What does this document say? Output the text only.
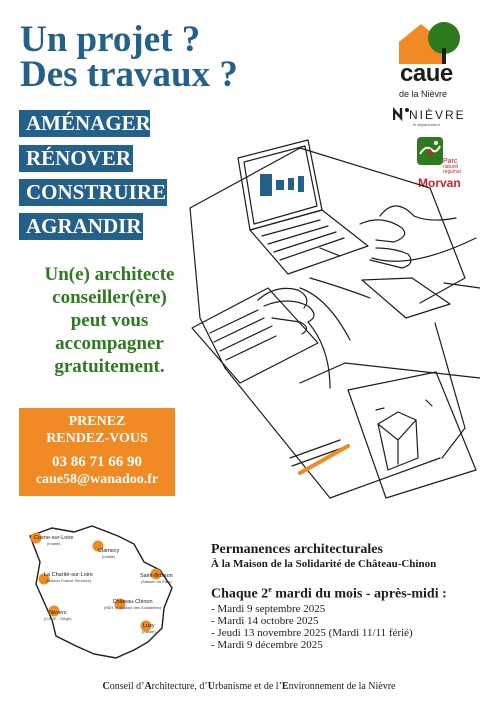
Un projet ?
Des travaux ?
AMÉNAGER
RÉNOVER
CONSTRUIRE
AGRANDIR
Un(e) architecte
conseiller(ère)
peut vous
accompagner
gratuitement.
PRENEZ
RENDEZ-VOUS
03 86 71 66 90
caue58@wanadoo.fr
caue
de la Nièvre
NIÈVRE
le département
Parc
naturel
régional
Morvan
Cosne-sur-Loire
(mairie)
Clamecy
(mairie)
La Charité-sur-Loire
(Maison France Services)
Saint-Brisson
(Maison du Parc)
Château-Chinon
(MDT et Maison des Solidarités)
Nevers
(CAUE - Siège)
Luzy
(mairie)
Permanences architecturales
À la Maison de la Solidarité de Château-Chinon
Chaque 2e mardi du mois - après-midi :
- Mardi 9 septembre 2025
- Mardi 14 octobre 2025
- Jeudi 13 novembre 2025 (Mardi 11/11 férié)
- Mardi 9 décembre 2025
Conseil d’Architecture, d’Urbanisme et de l’Environnement de la Nièvre
